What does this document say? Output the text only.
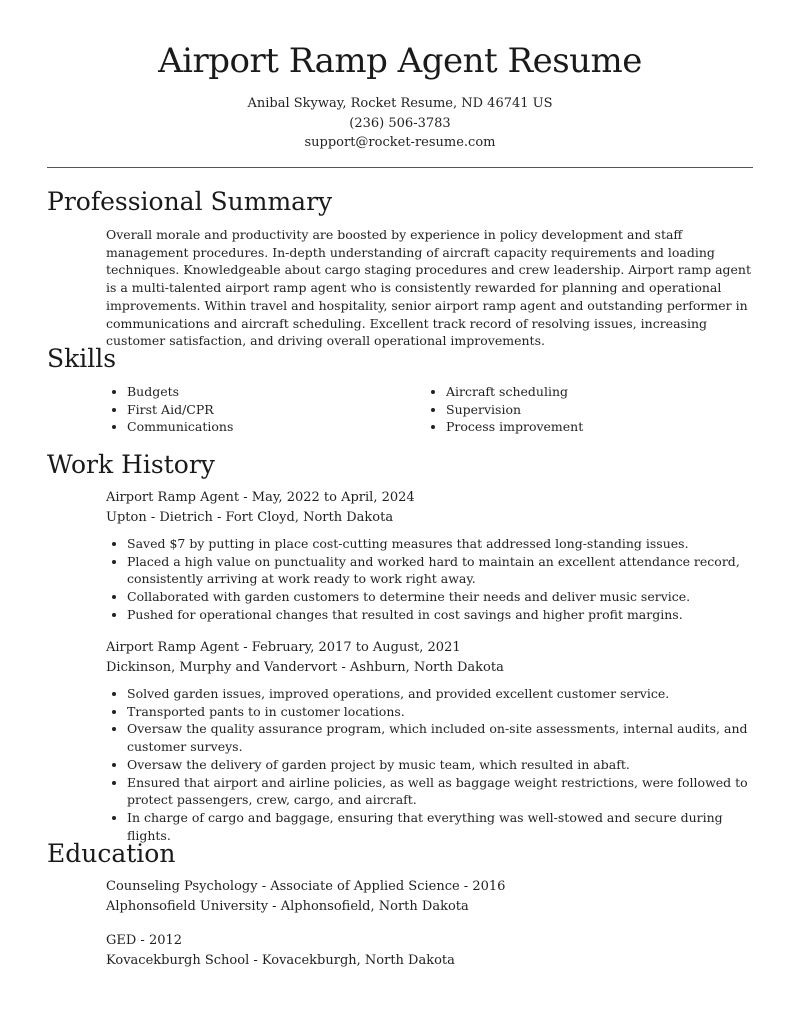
Airport Ramp Agent Resume
Anibal Skyway, Rocket Resume, ND 46741 US
(236) 506-3783
support@rocket-resume.com
Professional Summary
Overall morale and productivity are boosted by experience in policy development and staff management procedures. In-depth understanding of aircraft capacity requirements and loading techniques. Knowledgeable about cargo staging procedures and crew leadership. Airport ramp agent is a multi-talented airport ramp agent who is consistently rewarded for planning and operational improvements. Within travel and hospitality, senior airport ramp agent and outstanding performer in communications and aircraft scheduling. Excellent track record of resolving issues, increasing customer satisfaction, and driving overall operational improvements.
Skills
• Budgets
• First Aid/CPR
• Communications
• Aircraft scheduling
• Supervision
• Process improvement
Work History
Airport Ramp Agent - May, 2022 to April, 2024
Upton - Dietrich - Fort Cloyd, North Dakota
• Saved $7 by putting in place cost-cutting measures that addressed long-standing issues.
• Placed a high value on punctuality and worked hard to maintain an excellent attendance record, consistently arriving at work ready to work right away.
• Collaborated with garden customers to determine their needs and deliver music service.
• Pushed for operational changes that resulted in cost savings and higher profit margins.
Airport Ramp Agent - February, 2017 to August, 2021
Dickinson, Murphy and Vandervort - Ashburn, North Dakota
• Solved garden issues, improved operations, and provided excellent customer service.
• Transported pants to in customer locations.
• Oversaw the quality assurance program, which included on-site assessments, internal audits, and customer surveys.
• Oversaw the delivery of garden project by music team, which resulted in abaft.
• Ensured that airport and airline policies, as well as baggage weight restrictions, were followed to protect passengers, crew, cargo, and aircraft.
• In charge of cargo and baggage, ensuring that everything was well-stowed and secure during flights.
Education
Counseling Psychology - Associate of Applied Science - 2016
Alphonsofield University - Alphonsofield, North Dakota
GED - 2012
Kovacekburgh School - Kovacekburgh, North Dakota
